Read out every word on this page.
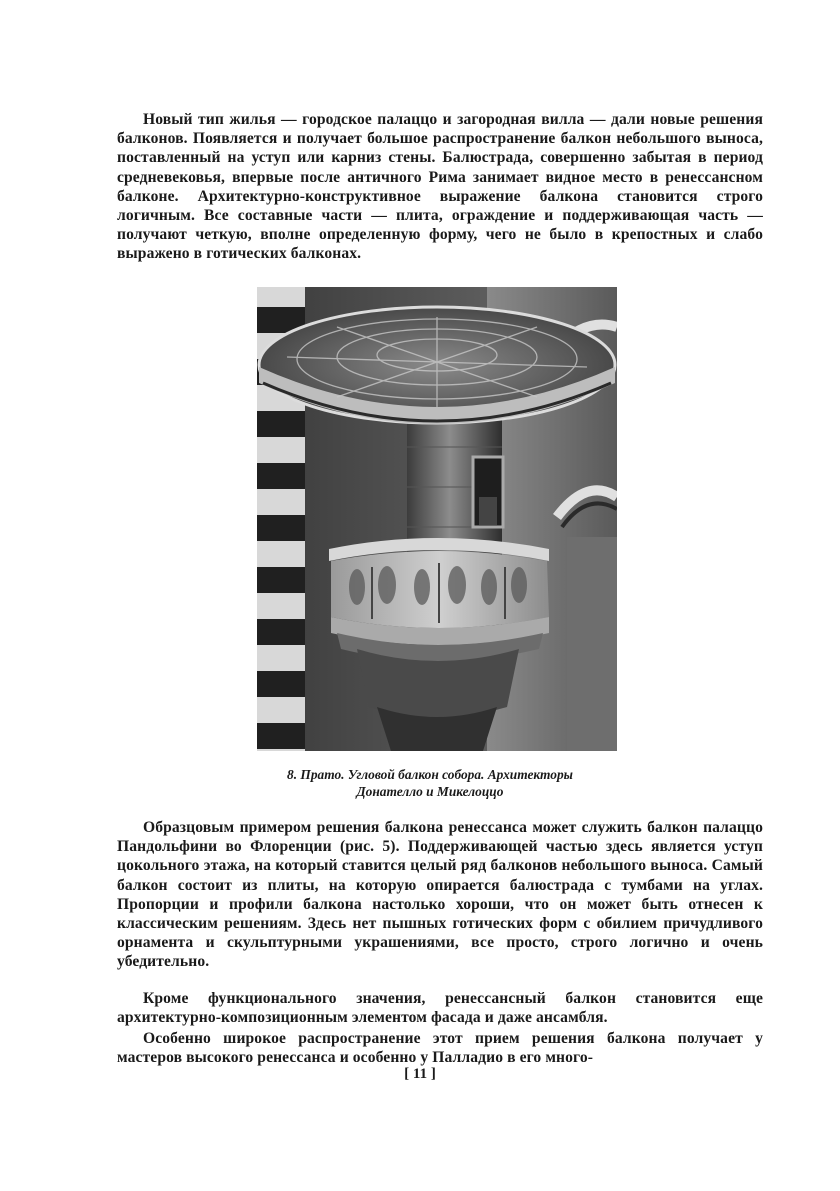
Новый тип жилья — городское палаццо и загородная вилла — дали новые решения балконов. Появляется и получает большое распространение балкон небольшого выноса, поставленный на уступ или карниз стены. Балюстрада, совершенно забытая в период средневековья, впервые после античного Рима занимает видное место в ренессансном балконе. Архитектурно-конструктивное выражение балкона становится строго логичным. Все составные части — плита, ограждение и поддерживающая часть — получают четкую, вполне определенную форму, чего не было в крепостных и слабо выражено в готических балконах.

8. Прато. Угловой балкон собора. Архитекторы
Донателло и Микелоццо

Образцовым примером решения балкона ренессанса может служить балкон палаццо Пандольфини во Флоренции (рис. 5). Поддерживающей частью здесь является уступ цокольного этажа, на который ставится целый ряд балконов небольшого выноса. Самый балкон состоит из плиты, на которую опирается балюстрада с тумбами на углах. Пропорции и профили балкона настолько хороши, что он может быть отнесен к классическим решениям. Здесь нет пышных готических форм с обилием причудливого орнамента и скульптурными украшениями, все просто, строго логично и очень убедительно.

Кроме функционального значения, ренессансный балкон становится еще архитектурно-композиционным элементом фасада и даже ансамбля.

Особенно широкое распространение этот прием решения балкона получает у мастеров высокого ренессанса и особенно у Палладио в его много-

[ 11 ]
